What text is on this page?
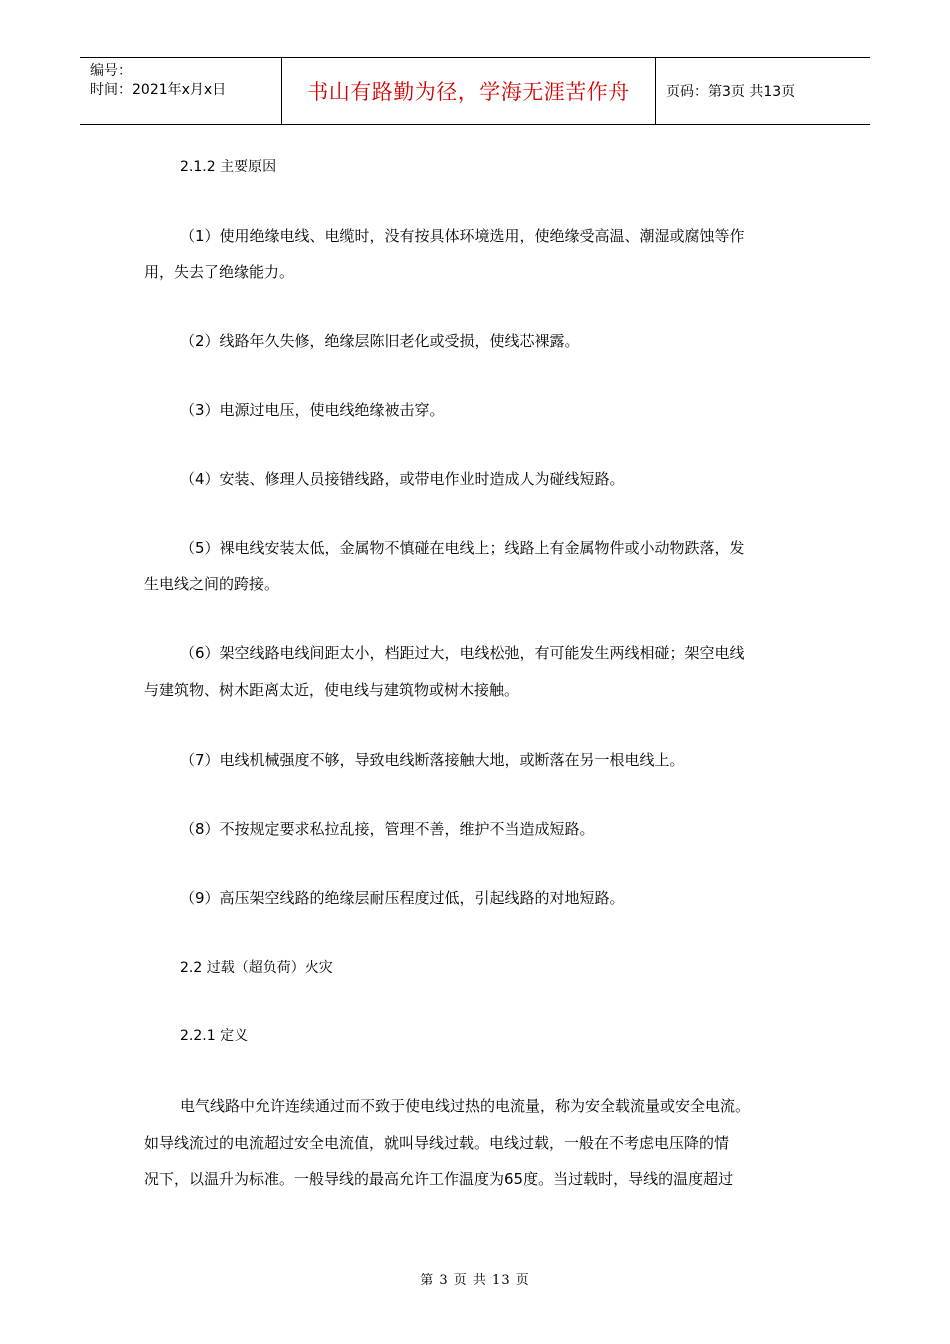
编号：
时间：2021年x月x日	书山有路勤为径，学海无涯苦作舟	页码：第3页 共13页
2.1.2 主要原因
（1）使用绝缘电线、电缆时，没有按具体环境选用，使绝缘受高温、潮湿或腐蚀等作
用，失去了绝缘能力。
（2）线路年久失修，绝缘层陈旧老化或受损，使线芯裸露。
（3）电源过电压，使电线绝缘被击穿。
（4）安装、修理人员接错线路，或带电作业时造成人为碰线短路。
（5）裸电线安装太低，金属物不慎碰在电线上；线路上有金属物件或小动物跌落，发
生电线之间的跨接。
（6）架空线路电线间距太小，档距过大，电线松弛，有可能发生两线相碰；架空电线
与建筑物、树木距离太近，使电线与建筑物或树木接触。
（7）电线机械强度不够，导致电线断落接触大地，或断落在另一根电线上。
（8）不按规定要求私拉乱接，管理不善，维护不当造成短路。
（9）高压架空线路的绝缘层耐压程度过低，引起线路的对地短路。
2.2 过载（超负荷）火灾
2.2.1 定义
电气线路中允许连续通过而不致于使电线过热的电流量，称为安全载流量或安全电流。
如导线流过的电流超过安全电流值，就叫导线过载。电线过载，一般在不考虑电压降的情
况下，以温升为标准。一般导线的最高允许工作温度为65度。当过载时，导线的温度超过
第 3 页 共 13 页
